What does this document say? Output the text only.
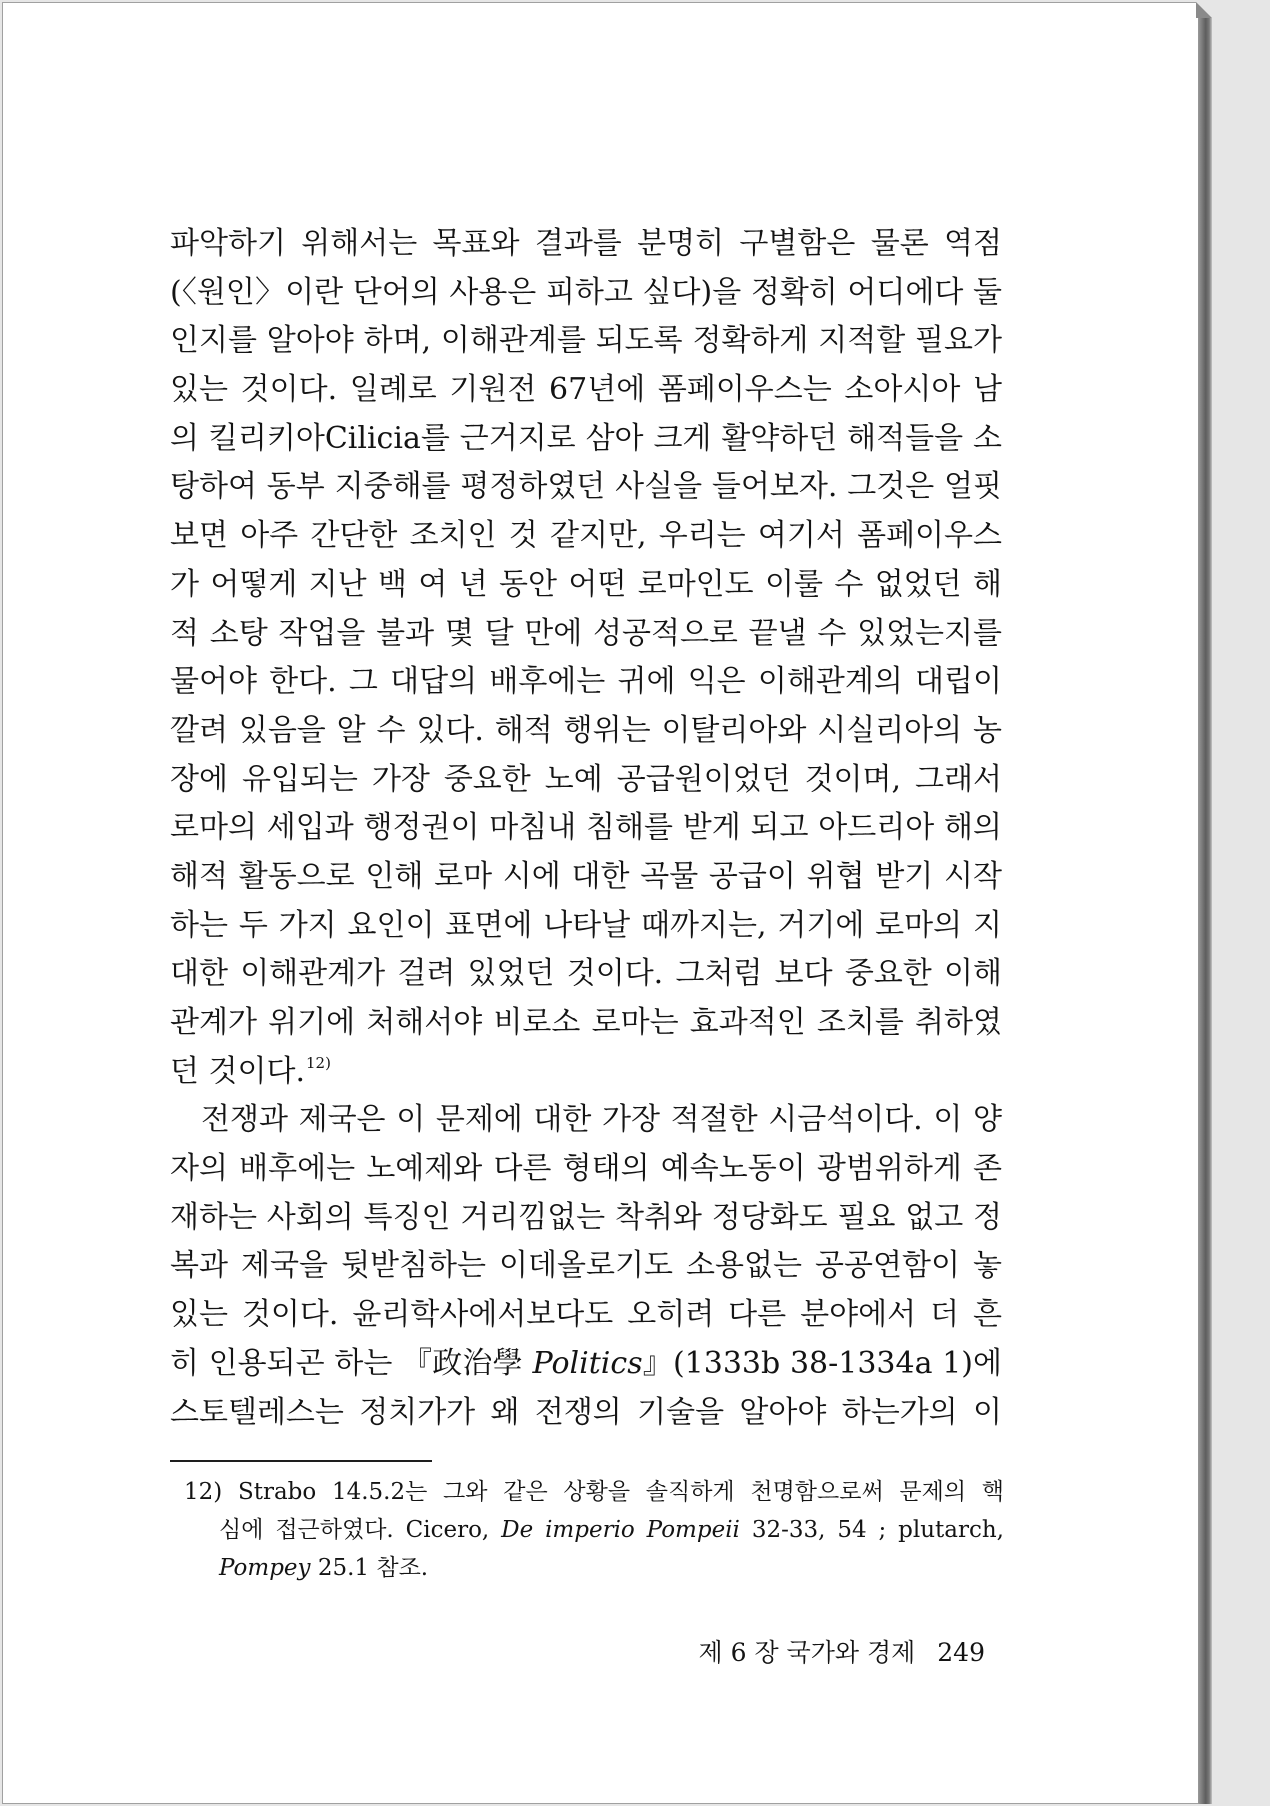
파악하기 위해서는 목표와 결과를 분명히 구별함은 물론 역점
(〈원인〉이란 단어의 사용은 피하고 싶다)을 정확히 어디에다 둘
인지를 알아야 하며, 이해관계를 되도록 정확하게 지적할 필요가
있는 것이다. 일례로 기원전 67년에 폼페이우스는 소아시아 남
의 킬리키아Cilicia를 근거지로 삼아 크게 활약하던 해적들을 소
탕하여 동부 지중해를 평정하였던 사실을 들어보자. 그것은 얼핏
보면 아주 간단한 조치인 것 같지만, 우리는 여기서 폼페이우스
가 어떻게 지난 백 여 년 동안 어떤 로마인도 이룰 수 없었던 해
적 소탕 작업을 불과 몇 달 만에 성공적으로 끝낼 수 있었는지를
물어야 한다. 그 대답의 배후에는 귀에 익은 이해관계의 대립이
깔려 있음을 알 수 있다. 해적 행위는 이탈리아와 시실리아의 농
장에 유입되는 가장 중요한 노예 공급원이었던 것이며, 그래서
로마의 세입과 행정권이 마침내 침해를 받게 되고 아드리아 해의
해적 활동으로 인해 로마 시에 대한 곡물 공급이 위협 받기 시작
하는 두 가지 요인이 표면에 나타날 때까지는, 거기에 로마의 지
대한 이해관계가 걸려 있었던 것이다. 그처럼 보다 중요한 이해
관계가 위기에 처해서야 비로소 로마는 효과적인 조치를 취하였
던 것이다.$^{12)}$
전쟁과 제국은 이 문제에 대한 가장 적절한 시금석이다. 이 양
자의 배후에는 노예제와 다른 형태의 예속노동이 광범위하게 존
재하는 사회의 특징인 거리낌없는 착취와 정당화도 필요 없고 정
복과 제국을 뒷받침하는 이데올로기도 소용없는 공공연함이 놓
있는 것이다. 윤리학사에서보다도 오히려 다른 분야에서 더 흔
히 인용되곤 하는 『政治學 Politics』(1333b 38-1334a 1)에
스토텔레스는 정치가가 왜 전쟁의 기술을 알아야 하는가의 이
12) Strabo 14.5.2는 그와 같은 상황을 솔직하게 천명함으로써 문제의 핵
심에 접근하였다. Cicero, De imperio Pompeii 32-33, 54 ; plutarch,
Pompey 25.1 참조.
제 6 장 국가와 경제 249
